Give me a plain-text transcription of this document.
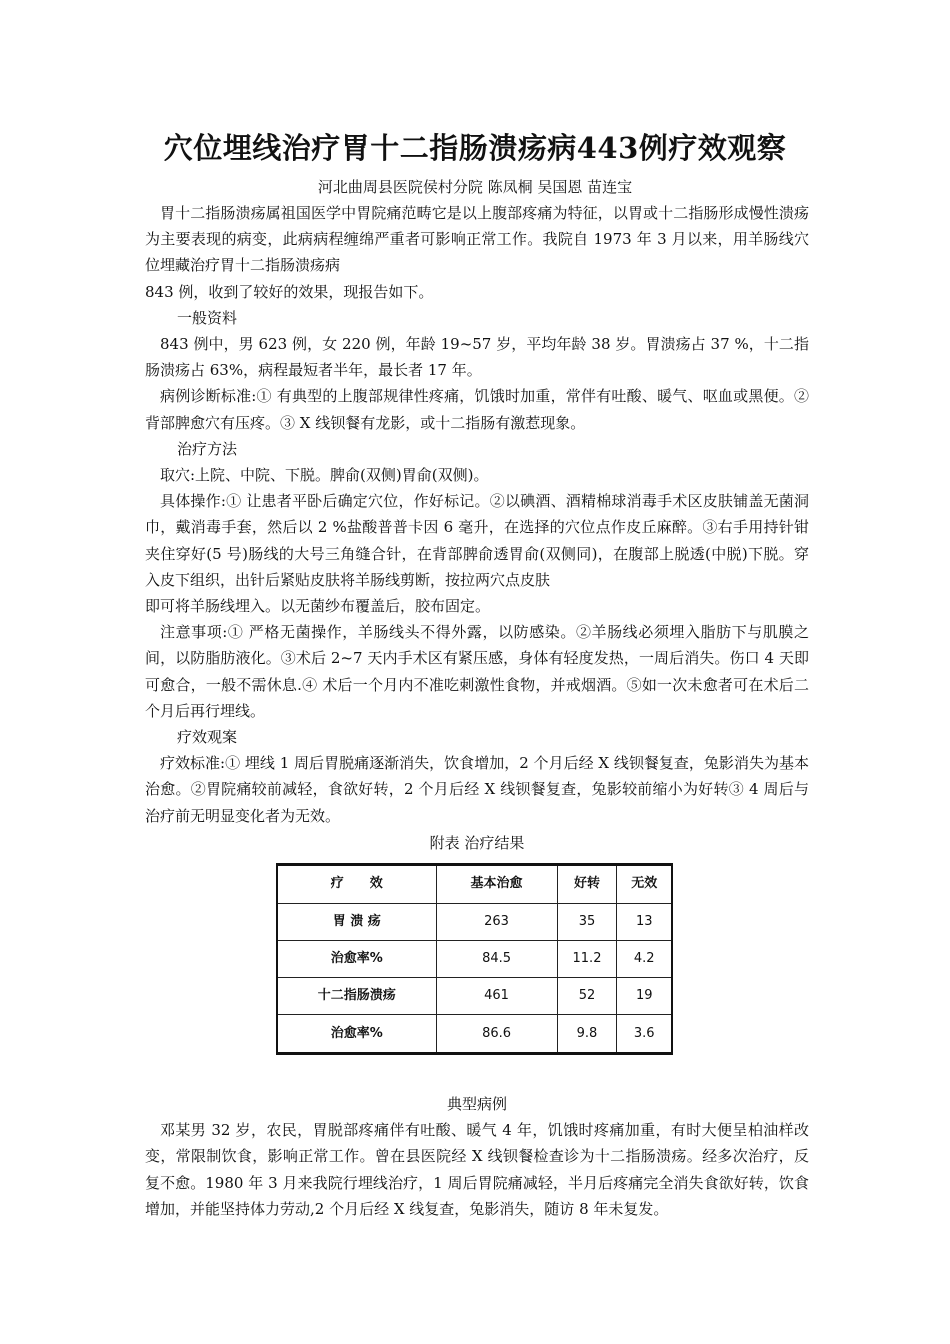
穴位埋线治疗胃十二指肠溃疡病443例疗效观察
河北曲周县医院侯村分院 陈凤桐 吴国恩 苗连宝

胃十二指肠溃疡属祖国医学中胃院痛范畴它是以上腹部疼痛为特征，以胃或十二指肠形成慢性溃疡为主要表现的病变，此病病程缠绵严重者可影响正常工作。我院自 1973 年 3 月以来，用羊肠线穴位埋藏治疗胃十二指肠溃疡病

843 例，收到了较好的效果，现报告如下。

一般资料

843 例中，男 623 例，女 220 例，年龄 19~57 岁，平均年龄 38 岁。胃溃疡占 37 %，十二指肠溃疡占 63%，病程最短者半年，最长者 17 年。

病例诊断标准:① 有典型的上腹部规律性疼痛，饥饿时加重，常伴有吐酸、暖气、呕血或黑便。②背部脾愈穴有压疼。③ X 线钡餐有龙影，或十二指肠有激惹现象。

治疗方法

取穴:上院、中院、下脱。脾俞(双侧)胃俞(双侧)。

具体操作:① 让患者平卧后确定穴位，作好标记。②以碘酒、酒精棉球消毒手术区皮肤铺盖无菌洞巾，戴消毒手套，然后以 2 %盐酸普普卡因 6 毫升，在选择的穴位点作皮丘麻醉。③右手用持针钳夹住穿好(5 号)肠线的大号三角缝合针，在背部脾俞透胃俞(双侧同)，在腹部上脱透(中脱)下脱。穿入皮下组织，出针后紧贴皮肤将羊肠线剪断，按拉两穴点皮肤

即可将羊肠线埋入。以无菌纱布覆盖后，胶布固定。

注意事项:① 严格无菌操作，羊肠线头不得外露，以防感染。②羊肠线必须埋入脂肪下与肌膜之间，以防脂肪液化。③术后 2~7 天内手术区有紧压感，身体有轻度发热，一周后消失。伤口 4 天即可愈合，一般不需休息.④ 术后一个月内不准吃刺激性食物，并戒烟酒。⑤如一次未愈者可在术后二个月后再行埋线。

疗效观案

疗效标准:① 埋线 1 周后胃脱痛逐渐消失，饮食增加，2 个月后经 X 线钡餐复查，兔影消失为基本治愈。②胃院痛较前减轻，食欲好转，2 个月后经 X 线钡餐复查，兔影较前缩小为好转③ 4 周后与治疗前无明显变化者为无效。

附表 治疗结果

疗　　效	基本治愈	好转	无效
胃 溃 疡	263	35	13
治愈率%	84.5	11.2	4.2
十二指肠溃疡	461	52	19
治愈率%	86.6	9.8	3.6

典型病例

邓某男 32 岁，农民，胃脱部疼痛伴有吐酸、暖气 4 年，饥饿时疼痛加重，有时大便呈柏油样改变，常限制饮食，影响正常工作。曾在县医院经 X 线钡餐检查诊为十二指肠溃疡。经多次治疗，反复不愈。1980 年 3 月来我院行埋线治疗，1 周后胃院痛减轻，半月后疼痛完全消失食欲好转，饮食增加，并能坚持体力劳动,2 个月后经 X 线复查，兔影消失，随访 8 年未复发。
